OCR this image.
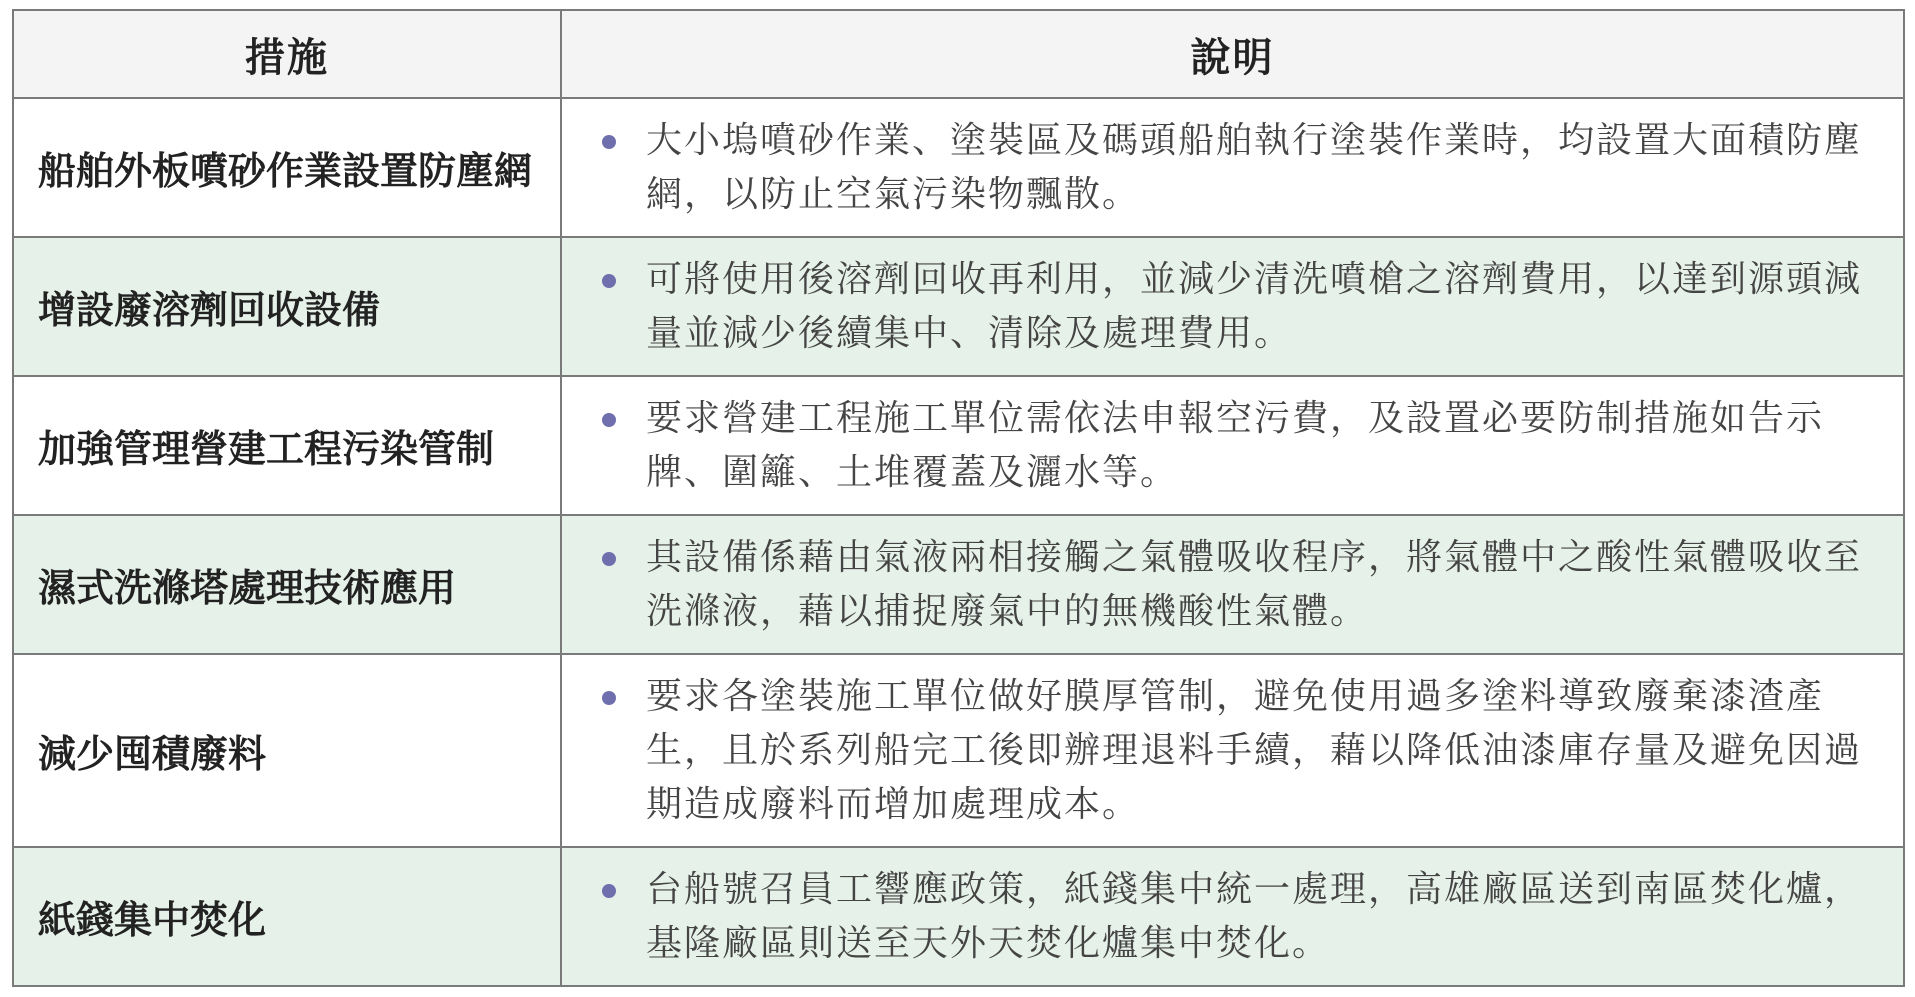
措施	說明
船舶外板噴砂作業設置防塵網	大小塢噴砂作業、塗裝區及碼頭船舶執行塗裝作業時，均設置大面積防塵網，以防止空氣污染物飄散。

增設廢溶劑回收設備	可將使用後溶劑回收再利用，並減少清洗噴槍之溶劑費用，以達到源頭減量並減少後續集中、清除及處理費用。

加強管理營建工程污染管制	要求營建工程施工單位需依法申報空污費，及設置必要防制措施如告示牌、圍籬、土堆覆蓋及灑水等。

濕式洗滌塔處理技術應用	其設備係藉由氣液兩相接觸之氣體吸收程序，將氣體中之酸性氣體吸收至洗滌液，藉以捕捉廢氣中的無機酸性氣體。

減少囤積廢料	要求各塗裝施工單位做好膜厚管制，避免使用過多塗料導致廢棄漆渣產生，且於系列船完工後即辦理退料手續，藉以降低油漆庫存量及避免因過期造成廢料而增加處理成本。

紙錢集中焚化	台船號召員工響應政策，紙錢集中統一處理，高雄廠區送到南區焚化爐，基隆廠區則送至天外天焚化爐集中焚化。
